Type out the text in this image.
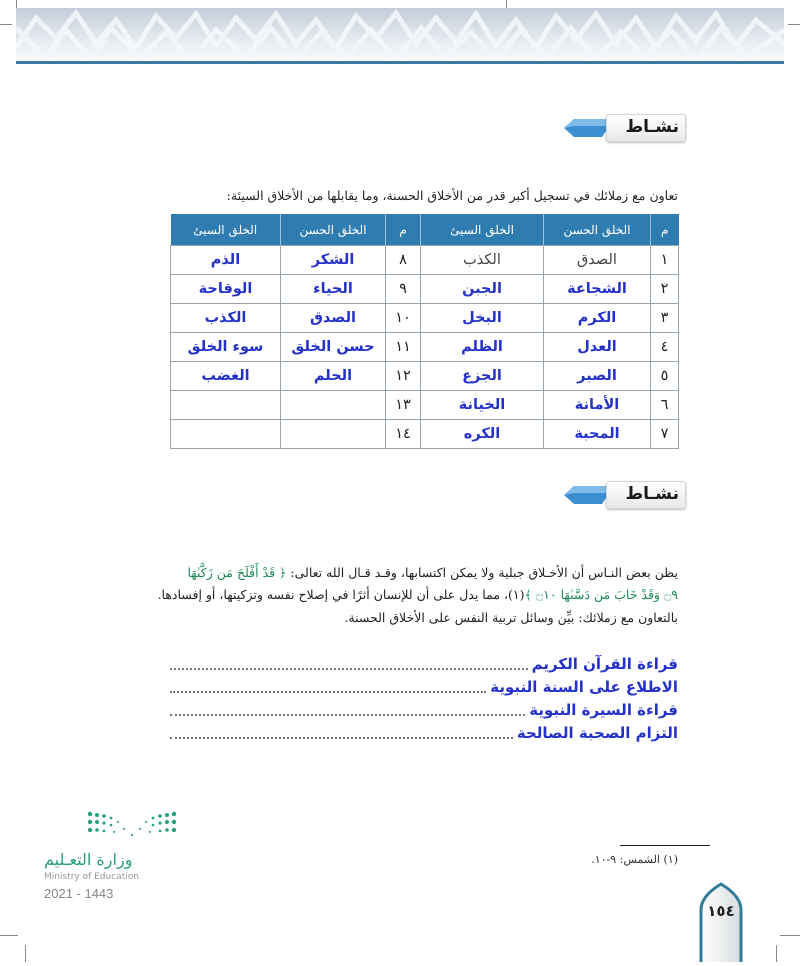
نشـاط
تعاون مع زملائك في تسجيل أكبر قدر من الأخلاق الحسنة، وما يقابلها من الأخلاق السيئة:
م	الخلق الحسن	الخلق السيئ	م	الخلق الحسن	الخلق السيئ
١	الصدق	الكذب	٨	الشكر	الذم
٢	الشجاعة	الجبن	٩	الحياء	الوقاحة
٣	الكرم	البخل	١٠	الصدق	الكذب
٤	العدل	الظلم	١١	حسن الخلق	سوء الخلق
٥	الصبر	الجزع	١٢	الحلم	الغضب
٦	الأمانة	الخيانة	١٣		
٧	المحبة	الكره	١٤		
نشـاط
يظن بعض النـاس أن الأخـلاق جبلية ولا يمكن اكتسابها، وقـد قـال الله تعالى: ﴿ قَدْ أَفْلَحَ مَن زَكَّىٰهَا
۝٩ وَقَدْ خَابَ مَن دَسَّىٰهَا ۝١٠ ﴾(١)، مما يدل على أن للإنسان أثرًا في إصلاح نفسه وتزكيتها، أو إفسادها.
بالتعاون مع زملائك: بيِّن وسائل تربية النفس على الأخلاق الحسنة.
قراءة القرآن الكريم
الاطلاع على السنة النبوية
قراءة السيرة النبوية
التزام الصحبة الصالحة
(١) الشمس: ٩-١٠.
١٥٤
وزارة التعـليم
Ministry of Education
2021 - 1443
